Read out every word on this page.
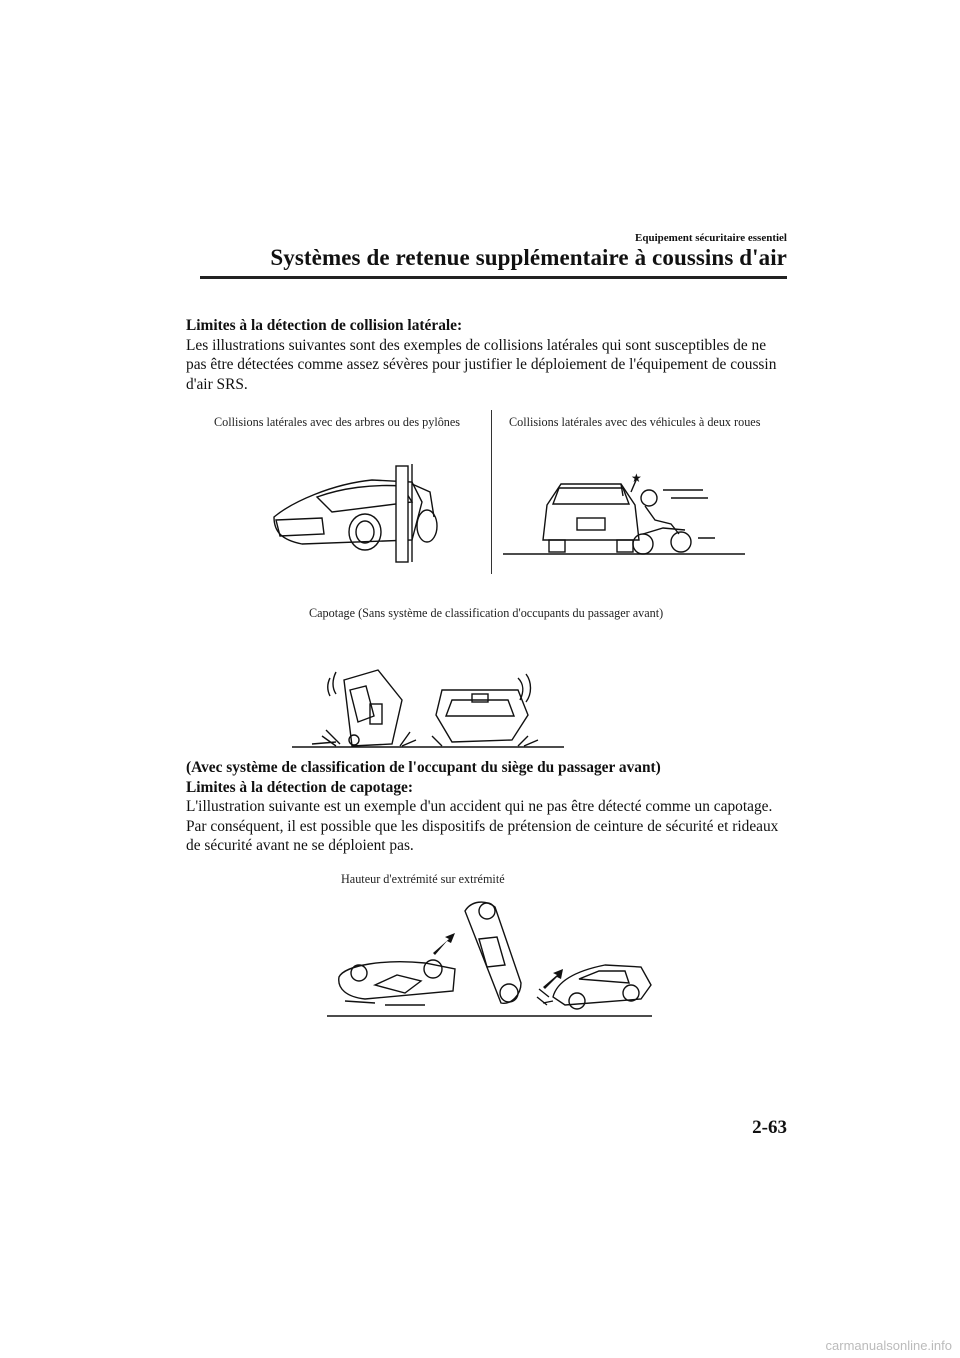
Equipement sécuritaire essentiel
Systèmes de retenue supplémentaire à coussins d'air
Limites à la détection de collision latérale:
Les illustrations suivantes sont des exemples de collisions latérales qui sont susceptibles de ne pas être détectées comme assez sévères pour justifier le déploiement de l'équipement de coussin d'air SRS.
Collisions latérales avec des arbres ou des pylônes	Collisions latérales avec des véhicules à deux roues
★
Capotage (Sans système de classification d'occupants du passager avant)
(Avec système de classification de l'occupant du siège du passager avant)
Limites à la détection de capotage:
L'illustration suivante est un exemple d'un accident qui ne pas être détecté comme un capotage. Par conséquent, il est possible que les dispositifs de prétension de ceinture de sécurité et rideaux de sécurité avant ne se déploient pas.
Hauteur d'extrémité sur extrémité
2-63
carmanualsonline.info
